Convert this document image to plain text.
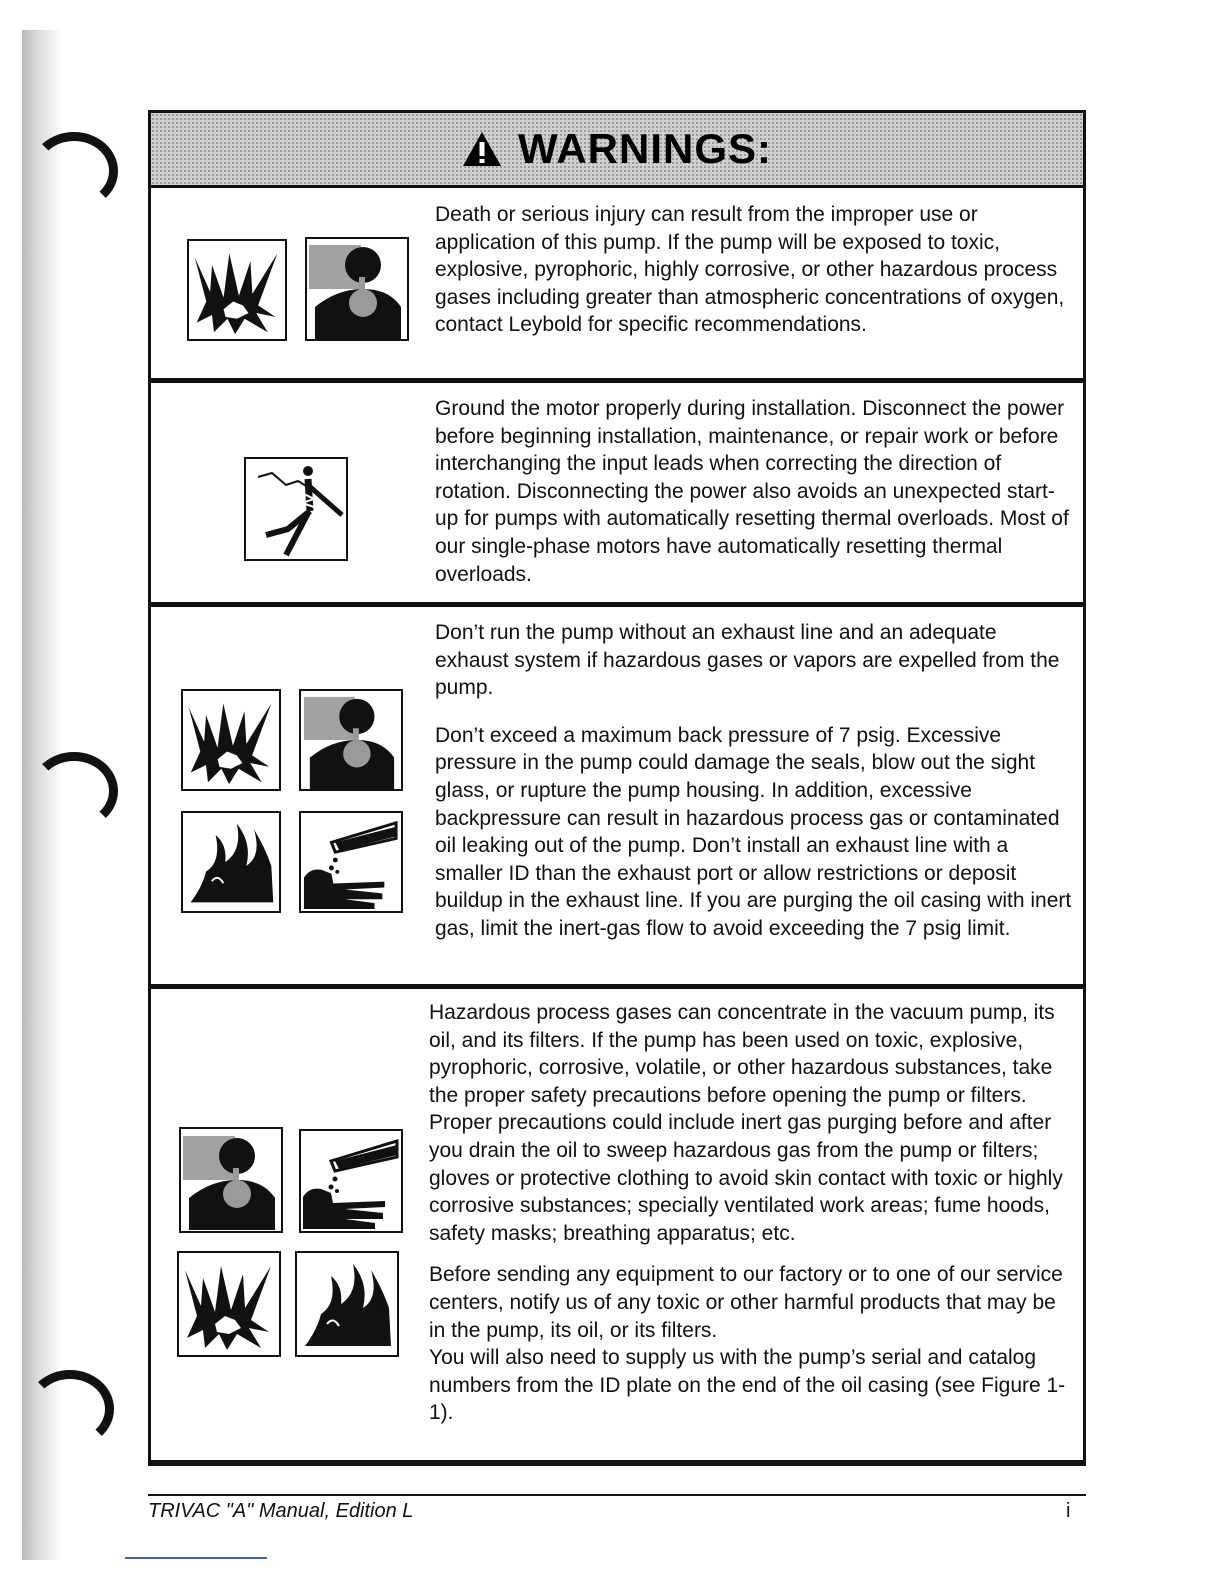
WARNINGS:

Death or serious injury can result from the improper use or application of this pump. If the pump will be exposed to toxic, explosive, pyrophoric, highly corrosive, or other hazardous process gases including greater than atmospheric concentrations of oxygen, contact Leybold for specific recommendations.

Ground the motor properly during installation. Disconnect the power before beginning installation, maintenance, or repair work or before interchanging the input leads when correcting the direction of rotation. Disconnecting the power also avoids an unexpected start-up for pumps with automatically resetting thermal overloads. Most of our single-phase motors have automatically resetting thermal overloads.

Don’t run the pump without an exhaust line and an adequate exhaust system if hazardous gases or vapors are expelled from the pump.

Don’t exceed a maximum back pressure of 7 psig. Excessive pressure in the pump could damage the seals, blow out the sight glass, or rupture the pump housing. In addition, excessive backpressure can result in hazardous process gas or contaminated oil leaking out of the pump. Don’t install an exhaust line with a smaller ID than the exhaust port or allow restrictions or deposit buildup in the exhaust line. If you are purging the oil casing with inert gas, limit the inert-gas flow to avoid exceeding the 7 psig limit.

Hazardous process gases can concentrate in the vacuum pump, its oil, and its filters. If the pump has been used on toxic, explosive, pyrophoric, corrosive, volatile, or other hazardous substances, take the proper safety precautions before opening the pump or filters. Proper precautions could include inert gas purging before and after you drain the oil to sweep hazardous gas from the pump or filters; gloves or protective clothing to avoid skin contact with toxic or highly corrosive substances; specially ventilated work areas; fume hoods, safety masks; breathing apparatus; etc.

Before sending any equipment to our factory or to one of our service centers, notify us of any toxic or other harmful products that may be in the pump, its oil, or its filters.

You will also need to supply us with the pump’s serial and catalog numbers from the ID plate on the end of the oil casing (see Figure 1-1).

TRIVAC "A" Manual, Edition L	i
